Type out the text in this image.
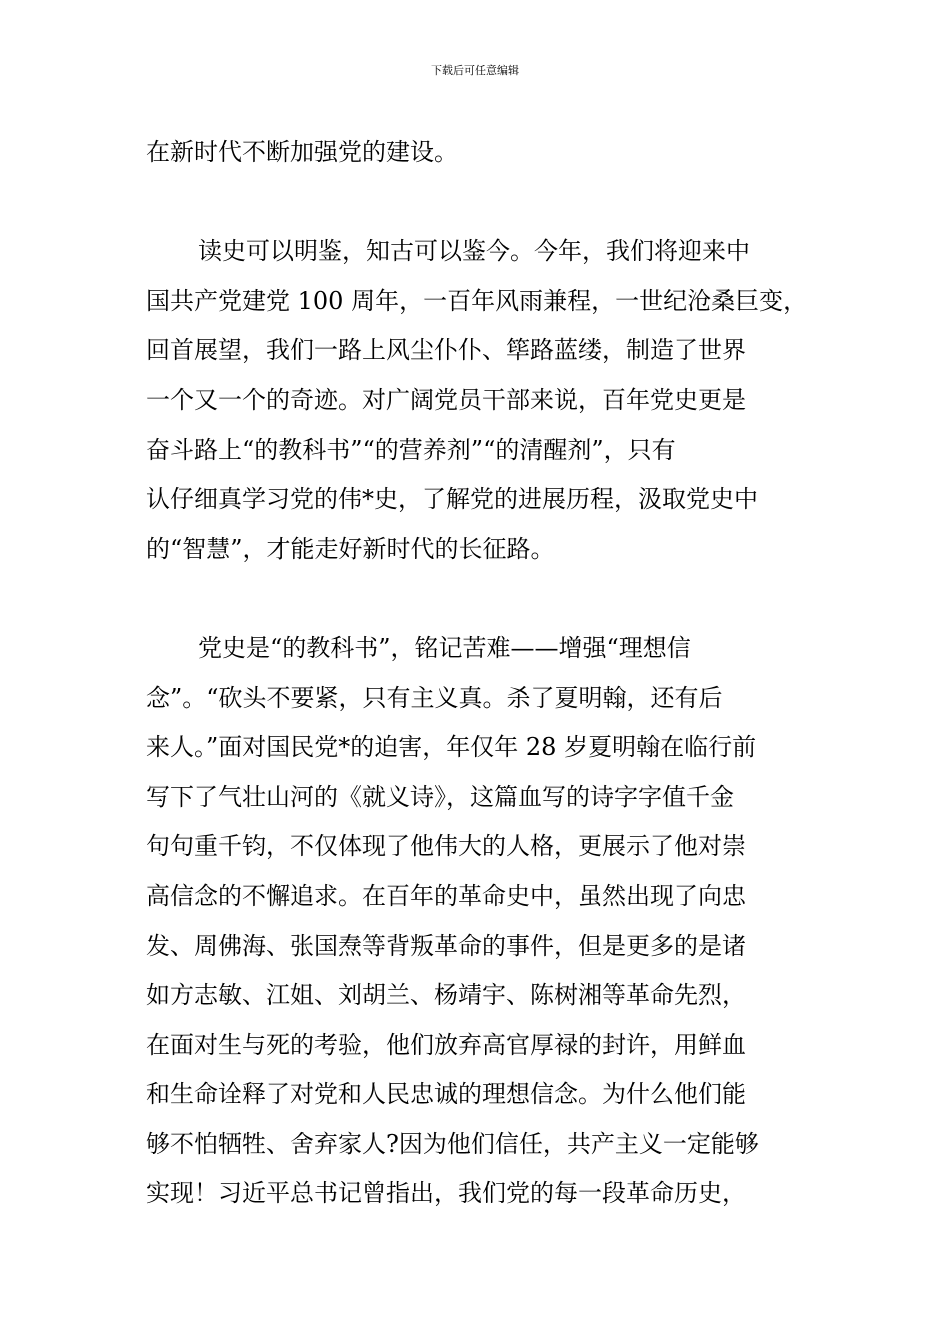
下载后可任意编辑
在新时代不断加强党的建设。
读史可以明鉴，知古可以鉴今。今年，我们将迎来中
国共产党建党 100 周年，一百年风雨兼程，一世纪沧桑巨变，
回首展望，我们一路上风尘仆仆、筚路蓝缕，制造了世界
一个又一个的奇迹。对广阔党员干部来说，百年党史更是
奋斗路上“的教科书”“的营养剂”“的清醒剂”，只有
认仔细真学习党的伟*史，了解党的进展历程，汲取党史中
的“智慧”，才能走好新时代的长征路。
党史是“的教科书”，铭记苦难——增强“理想信
念”。“砍头不要紧，只有主义真。杀了夏明翰，还有后
来人。”面对国民党*的迫害，年仅年 28 岁夏明翰在临行前
写下了气壮山河的《就义诗》，这篇血写的诗字字值千金
句句重千钧，不仅体现了他伟大的人格，更展示了他对崇
高信念的不懈追求。在百年的革命史中，虽然出现了向忠
发、周佛海、张国焘等背叛革命的事件，但是更多的是诸
如方志敏、江姐、刘胡兰、杨靖宇、陈树湘等革命先烈，
在面对生与死的考验，他们放弃高官厚禄的封许，用鲜血
和生命诠释了对党和人民忠诚的理想信念。为什么他们能
够不怕牺牲、舍弃家人?因为他们信任，共产主义一定能够
实现！习近平总书记曾指出，我们党的每一段革命历史，
